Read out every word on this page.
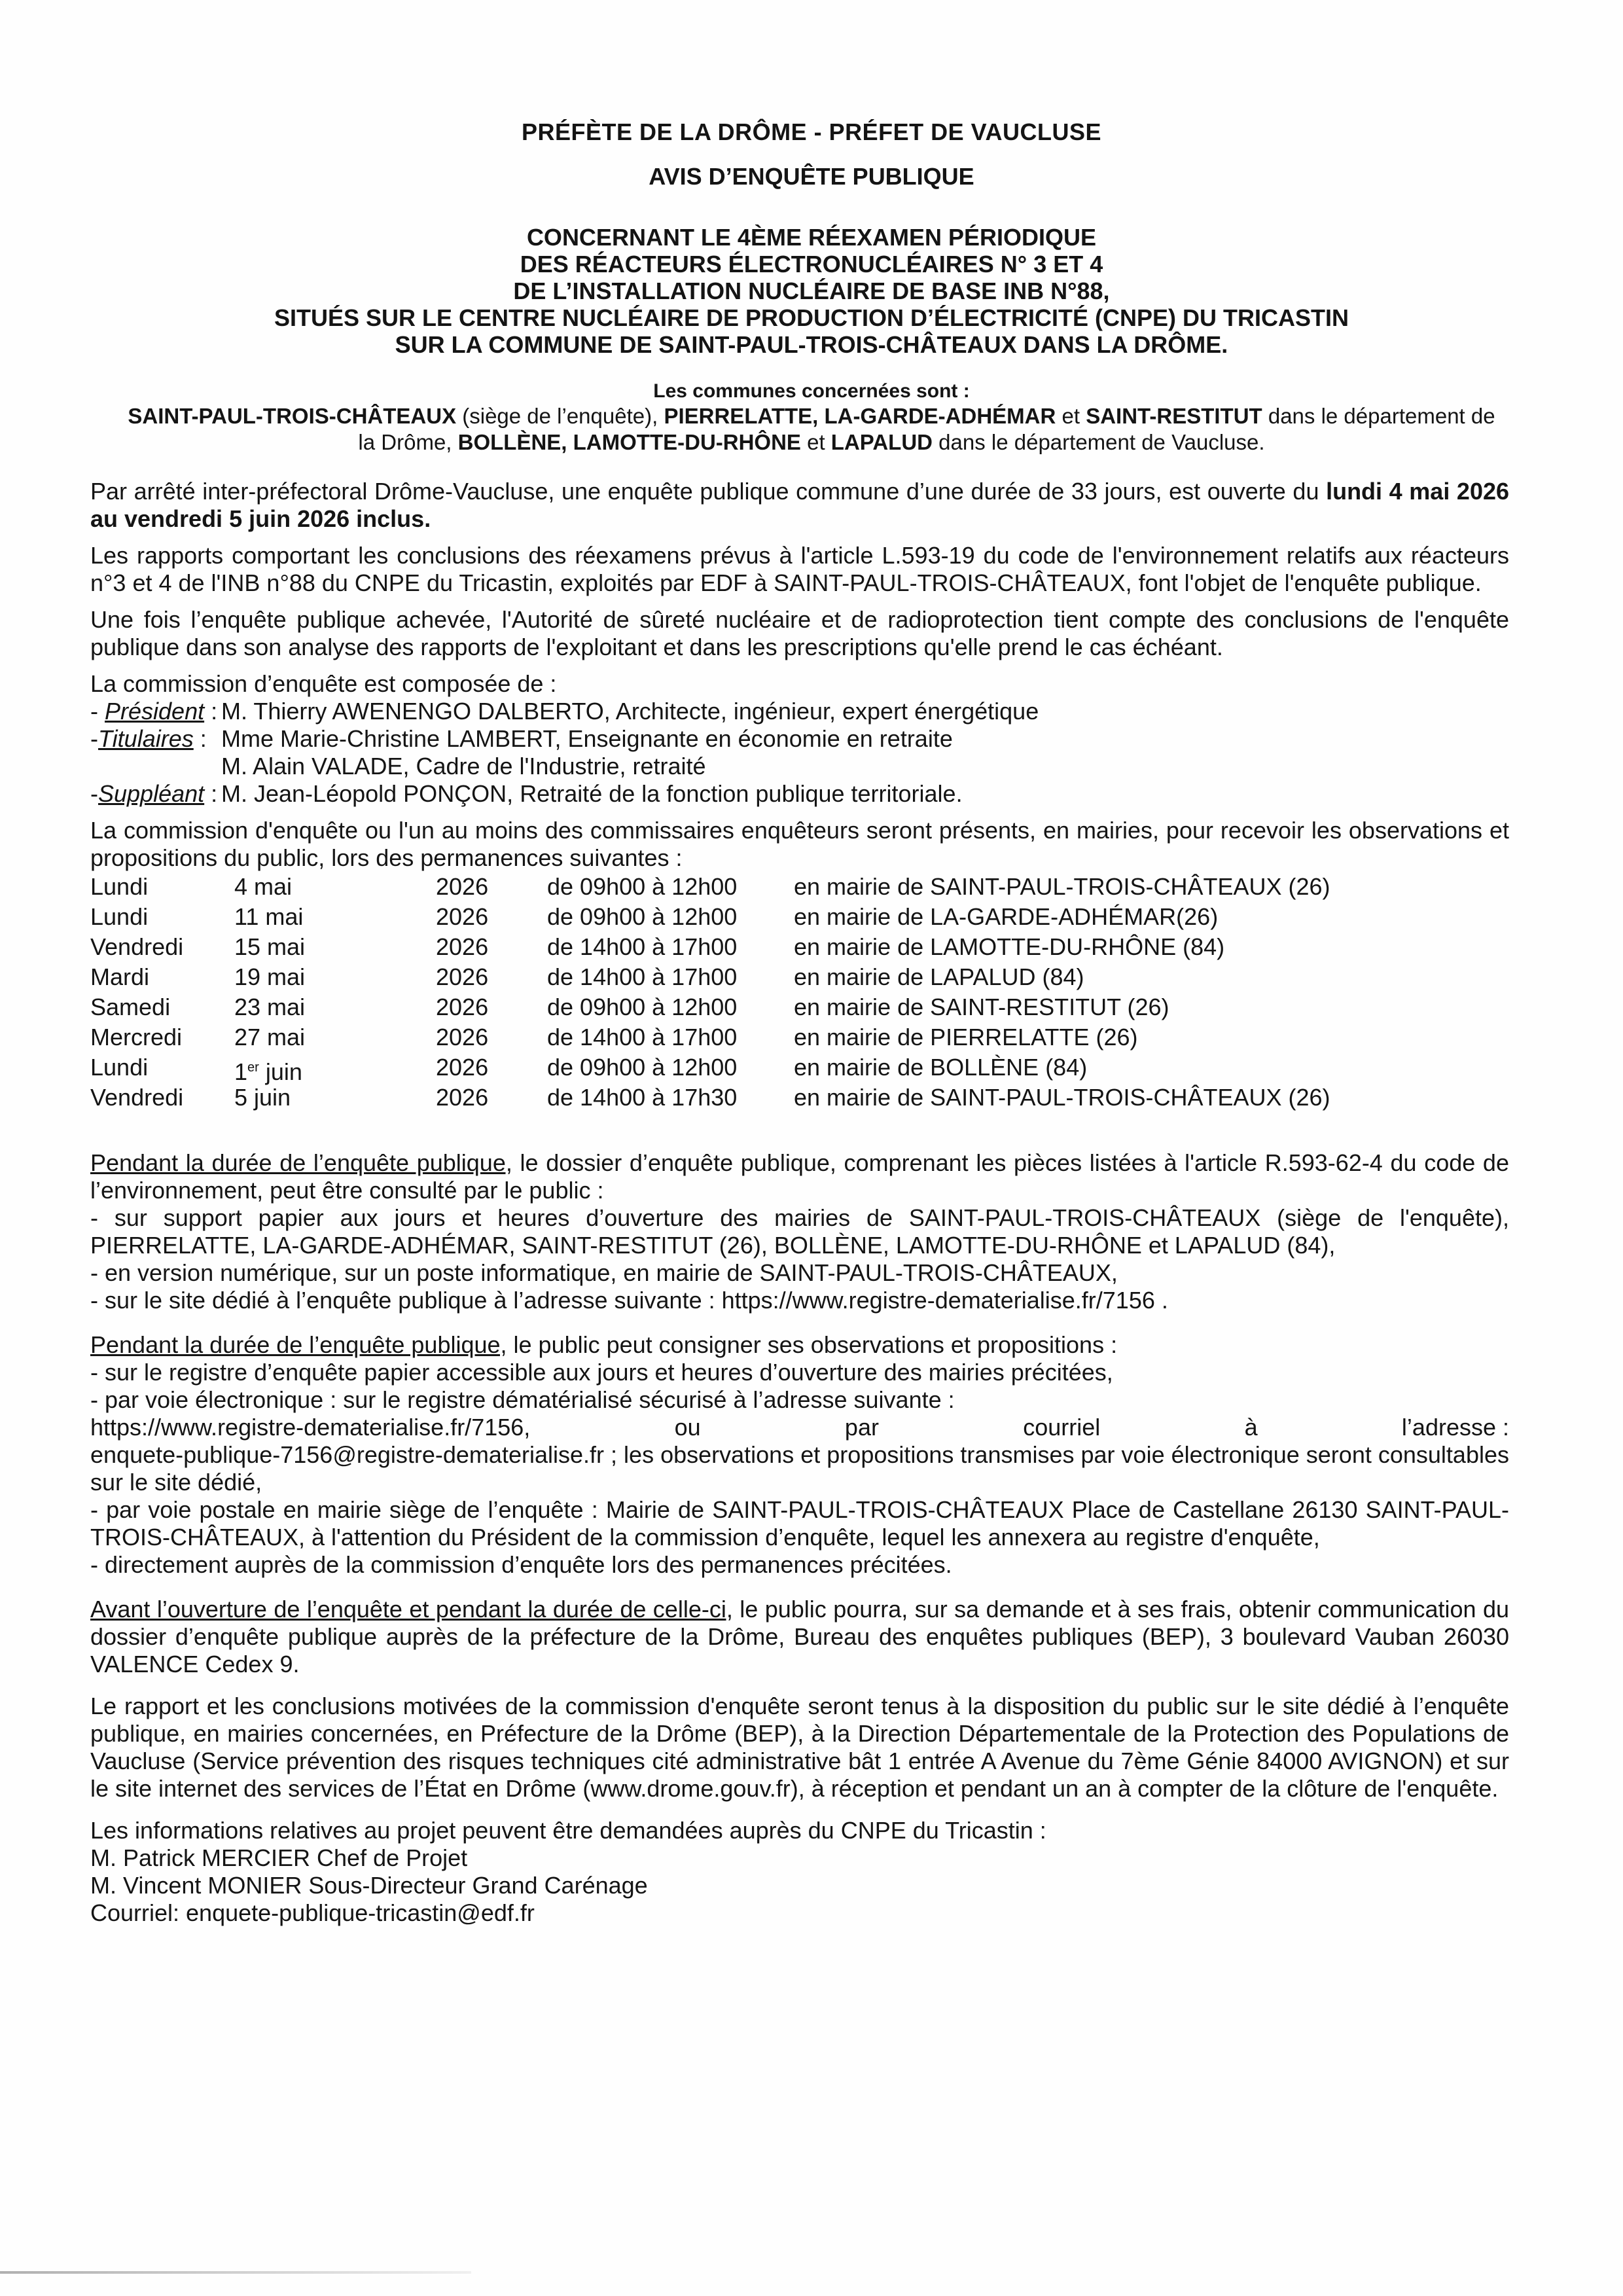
PRÉFÈTE DE LA DRÔME - PRÉFET DE VAUCLUSE
AVIS D’ENQUÊTE PUBLIQUE
CONCERNANT LE 4ÈME RÉEXAMEN PÉRIODIQUE
DES RÉACTEURS ÉLECTRONUCLÉAIRES N° 3 ET 4
DE L’INSTALLATION NUCLÉAIRE DE BASE INB N°88,
SITUÉS SUR LE CENTRE NUCLÉAIRE DE PRODUCTION D’ÉLECTRICITÉ (CNPE) DU TRICASTIN
SUR LA COMMUNE DE SAINT-PAUL-TROIS-CHÂTEAUX DANS LA DRÔME.
Les communes concernées sont :
SAINT-PAUL-TROIS-CHÂTEAUX (siège de l’enquête), PIERRELATTE, LA-GARDE-ADHÉMAR et SAINT-RESTITUT dans le département de la Drôme, BOLLÈNE, LAMOTTE-DU-RHÔNE et LAPALUD dans le département de Vaucluse.

Par arrêté inter-préfectoral Drôme-Vaucluse, une enquête publique commune d’une durée de 33 jours, est ouverte du lundi 4 mai 2026 au vendredi 5 juin 2026 inclus.

Les rapports comportant les conclusions des réexamens prévus à l'article L.593-19 du code de l'environnement relatifs aux réacteurs n°3 et 4 de l'INB n°88 du CNPE du Tricastin, exploités par EDF à SAINT-PAUL-TROIS-CHÂTEAUX, font l'objet de l'enquête publique.

Une fois l’enquête publique achevée, l'Autorité de sûreté nucléaire et de radioprotection tient compte des conclusions de l'enquête publique dans son analyse des rapports de l'exploitant et dans les prescriptions qu'elle prend le cas échéant.

La commission d’enquête est composée de :
- Président : M. Thierry AWENENGO DALBERTO, Architecte, ingénieur, expert énergétique
-Titulaires : Mme Marie-Christine LAMBERT, Enseignante en économie en retraite
M. Alain VALADE, Cadre de l'Industrie, retraité
-Suppléant : M. Jean-Léopold PONÇON, Retraité de la fonction publique territoriale.

La commission d'enquête ou l'un au moins des commissaires enquêteurs seront présents, en mairies, pour recevoir les observations et propositions du public, lors des permanences suivantes :

Lundi	4 mai	2026	de 09h00 à 12h00	en mairie de SAINT-PAUL-TROIS-CHÂTEAUX (26)
Lundi	11 mai	2026	de 09h00 à 12h00	en mairie de LA-GARDE-ADHÉMAR(26)
Vendredi	15 mai	2026	de 14h00 à 17h00	en mairie de LAMOTTE-DU-RHÔNE (84)
Mardi	19 mai	2026	de 14h00 à 17h00	en mairie de LAPALUD (84)
Samedi	23 mai	2026	de 09h00 à 12h00	en mairie de SAINT-RESTITUT (26)
Mercredi	27 mai	2026	de 14h00 à 17h00	en mairie de PIERRELATTE (26)
Lundi	1er juin	2026	de 09h00 à 12h00	en mairie de BOLLÈNE (84)
Vendredi	5 juin	2026	de 14h00 à 17h30	en mairie de SAINT-PAUL-TROIS-CHÂTEAUX (26)
Pendant la durée de l’enquête publique, le dossier d’enquête publique, comprenant les pièces listées à l'article R.593-62-4 du code de l’environnement, peut être consulté par le public :
- sur support papier aux jours et heures d’ouverture des mairies de SAINT-PAUL-TROIS-CHÂTEAUX (siège de l'enquête), PIERRELATTE, LA-GARDE-ADHÉMAR, SAINT-RESTITUT (26), BOLLÈNE, LAMOTTE-DU-RHÔNE et LAPALUD (84),
- en version numérique, sur un poste informatique, en mairie de SAINT-PAUL-TROIS-CHÂTEAUX,
- sur le site dédié à l’enquête publique à l’adresse suivante : https://www.registre-dematerialise.fr/7156 .
Pendant la durée de l’enquête publique, le public peut consigner ses observations et propositions :
- sur le registre d’enquête papier accessible aux jours et heures d’ouverture des mairies précitées,
- par voie électronique : sur le registre dématérialisé sécurisé à l’adresse suivante :
https://www.registre-dematerialise.fr/7156,	ou	par	courriel	à	l’adresse :
enquete-publique-7156@registre-dematerialise.fr ; les observations et propositions transmises par voie électronique seront consultables sur le site dédié,
- par voie postale en mairie siège de l’enquête : Mairie de SAINT-PAUL-TROIS-CHÂTEAUX Place de Castellane 26130 SAINT-PAUL-TROIS-CHÂTEAUX, à l'attention du Président de la commission d’enquête, lequel les annexera au registre d'enquête,
- directement auprès de la commission d’enquête lors des permanences précitées.
Avant l’ouverture de l’enquête et pendant la durée de celle-ci, le public pourra, sur sa demande et à ses frais, obtenir communication du dossier d’enquête publique auprès de la préfecture de la Drôme, Bureau des enquêtes publiques (BEP), 3 boulevard Vauban 26030 VALENCE Cedex 9.

Le rapport et les conclusions motivées de la commission d'enquête seront tenus à la disposition du public sur le site dédié à l’enquête publique, en mairies concernées, en Préfecture de la Drôme (BEP), à la Direction Départementale de la Protection des Populations de Vaucluse (Service prévention des risques techniques cité administrative bât 1 entrée A Avenue du 7ème Génie 84000 AVIGNON) et sur le site internet des services de l’État en Drôme (www.drome.gouv.fr), à réception et pendant un an à compter de la clôture de l'enquête.

Les informations relatives au projet peuvent être demandées auprès du CNPE du Tricastin :
M. Patrick MERCIER Chef de Projet
M. Vincent MONIER Sous-Directeur Grand Carénage
Courriel: enquete-publique-tricastin@edf.fr
